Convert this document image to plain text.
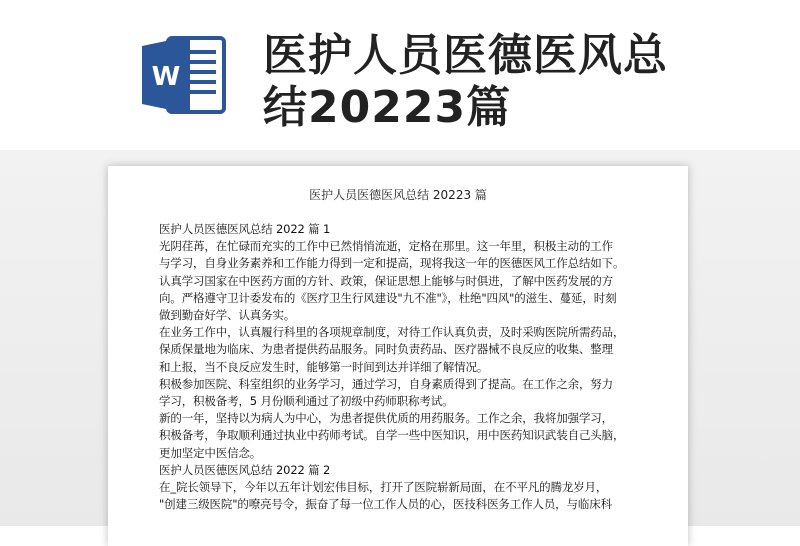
W 医护人员医德医风总
结20223篇
医护人员医德医风总结 20223 篇

医护人员医德医风总结 2022 篇 1

光阴荏苒，在忙碌而充实的工作中已然悄悄流逝，定格在那里。这一年里，积极主动的工作

与学习，自身业务素养和工作能力得到一定和提高，现将我这一年的医德医风工作总结如下。

认真学习国家在中医药方面的方针、政策，保证思想上能够与时俱进，了解中医药发展的方

向。严格遵守卫计委发布的《医疗卫生行风建设"九不准"》，杜绝"四风"的滋生、蔓延，时刻

做到勤奋好学、认真务实。

在业务工作中，认真履行科里的各项规章制度，对待工作认真负责，及时采购医院所需药品，

保质保量地为临床、为患者提供药品服务。同时负责药品、医疗器械不良反应的收集、整理

和上报，当不良反应发生时，能够第一时间到达并详细了解情况。

积极参加医院、科室组织的业务学习，通过学习，自身素质得到了提高。在工作之余，努力

学习，积极备考，5 月份顺利通过了初级中药师职称考试。

新的一年，坚持以为病人为中心，为患者提供优质的用药服务。工作之余，我将加强学习，

积极备考，争取顺利通过执业中药师考试。自学一些中医知识，用中医药知识武装自己头脑，

更加坚定中医信念。

医护人员医德医风总结 2022 篇 2

在_院长领导下，今年以五年计划宏伟目标，打开了医院崭新局面，在不平凡的腾龙岁月，

"创建三级医院"的嘹亮号令，振奋了每一位工作人员的心，医技科医务工作人员，与临床科
